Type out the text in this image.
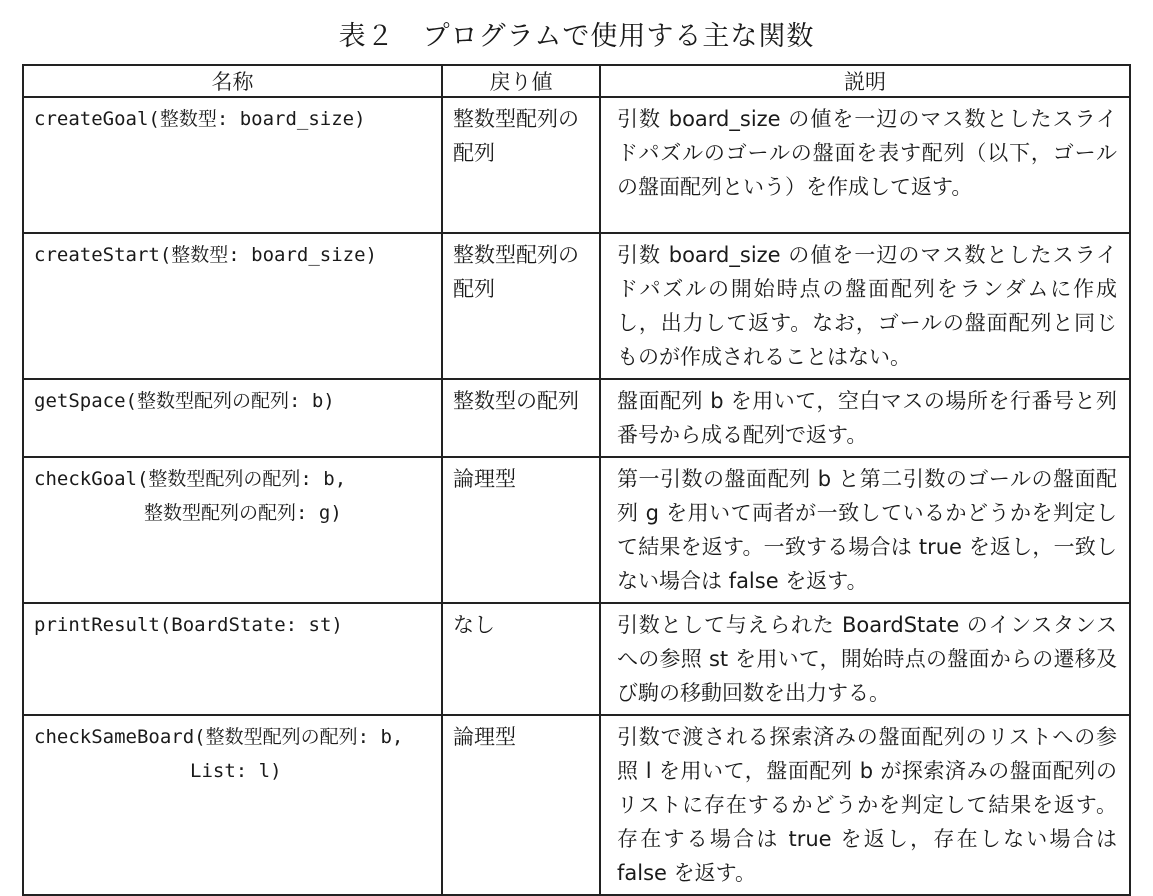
表２　プログラムで使用する主な関数
名称	戻り値	説明

createGoal(整数型: board_size)	整数型配列の配列	引数 board_size の値を一辺のマス数としたスライドパズルのゴールの盤面を表す配列（以下，ゴールの盤面配列という）を作成して返す。

createStart(整数型: board_size)	整数型配列の配列	引数 board_size の値を一辺のマス数としたスライドパズルの開始時点の盤面配列をランダムに作成し，出力して返す。なお，ゴールの盤面配列と同じものが作成されることはない。

getSpace(整数型配列の配列: b)	整数型の配列	盤面配列 b を用いて，空白マスの場所を行番号と列番号から成る配列で返す。

checkGoal(整数型配列の配列: b,
整数型配列の配列: g)	論理型	第一引数の盤面配列 b と第二引数のゴールの盤面配列 g を用いて両者が一致しているかどうかを判定して結果を返す。一致する場合は true を返し，一致しない場合は false を返す。

printResult(BoardState: st)	なし	引数として与えられた BoardState のインスタンスへの参照 st を用いて，開始時点の盤面からの遷移及び駒の移動回数を出力する。

checkSameBoard(整数型配列の配列: b,
List: l)	論理型	引数で渡される探索済みの盤面配列のリストへの参照 l を用いて，盤面配列 b が探索済みの盤面配列のリストに存在するかどうかを判定して結果を返す。存在する場合は true を返し，存在しない場合は false を返す。
